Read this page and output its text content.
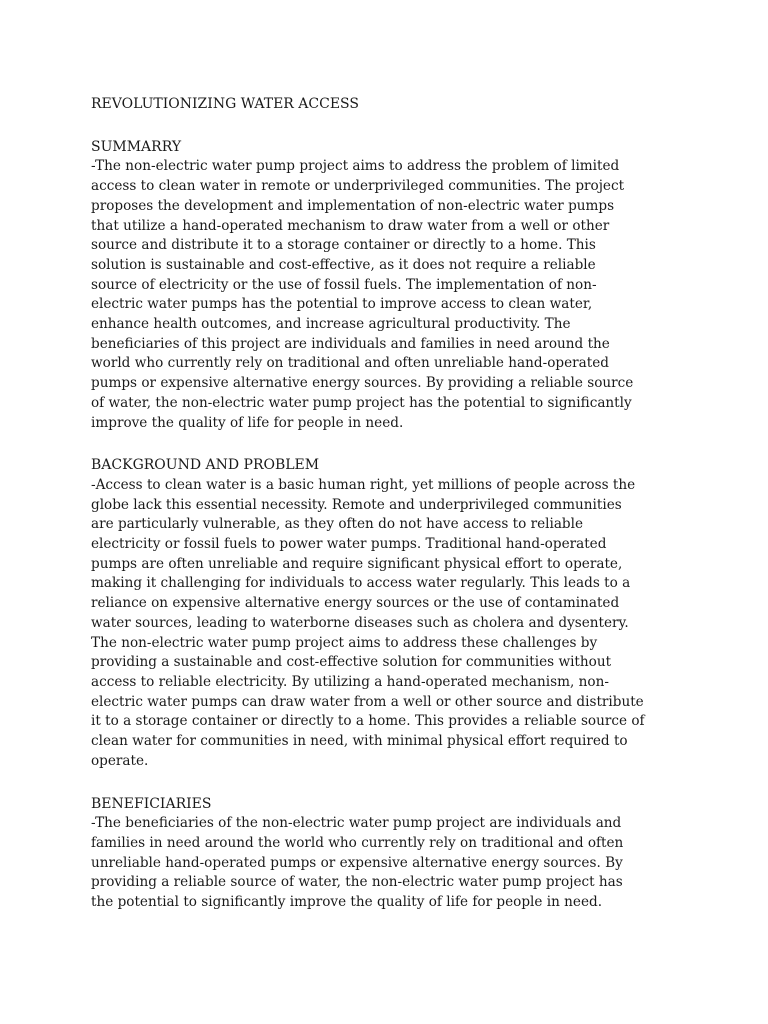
REVOLUTIONIZING WATER ACCESS
SUMMARRY

-The non-electric water pump project aims to address the problem of limited
access to clean water in remote or underprivileged communities. The project
proposes the development and implementation of non-electric water pumps
that utilize a hand-operated mechanism to draw water from a well or other
source and distribute it to a storage container or directly to a home. This
solution is sustainable and cost-effective, as it does not require a reliable
source of electricity or the use of fossil fuels. The implementation of non-
electric water pumps has the potential to improve access to clean water,
enhance health outcomes, and increase agricultural productivity. The
beneficiaries of this project are individuals and families in need around the
world who currently rely on traditional and often unreliable hand-operated
pumps or expensive alternative energy sources. By providing a reliable source
of water, the non-electric water pump project has the potential to significantly
improve the quality of life for people in need.

BACKGROUND AND PROBLEM

-Access to clean water is a basic human right, yet millions of people across the
globe lack this essential necessity. Remote and underprivileged communities
are particularly vulnerable, as they often do not have access to reliable
electricity or fossil fuels to power water pumps. Traditional hand-operated
pumps are often unreliable and require significant physical effort to operate,
making it challenging for individuals to access water regularly. This leads to a
reliance on expensive alternative energy sources or the use of contaminated
water sources, leading to waterborne diseases such as cholera and dysentery.
The non-electric water pump project aims to address these challenges by
providing a sustainable and cost-effective solution for communities without
access to reliable electricity. By utilizing a hand-operated mechanism, non-
electric water pumps can draw water from a well or other source and distribute
it to a storage container or directly to a home. This provides a reliable source of
clean water for communities in need, with minimal physical effort required to
operate.

BENEFICIARIES

-The beneficiaries of the non-electric water pump project are individuals and
families in need around the world who currently rely on traditional and often
unreliable hand-operated pumps or expensive alternative energy sources. By
providing a reliable source of water, the non-electric water pump project has
the potential to significantly improve the quality of life for people in need.
